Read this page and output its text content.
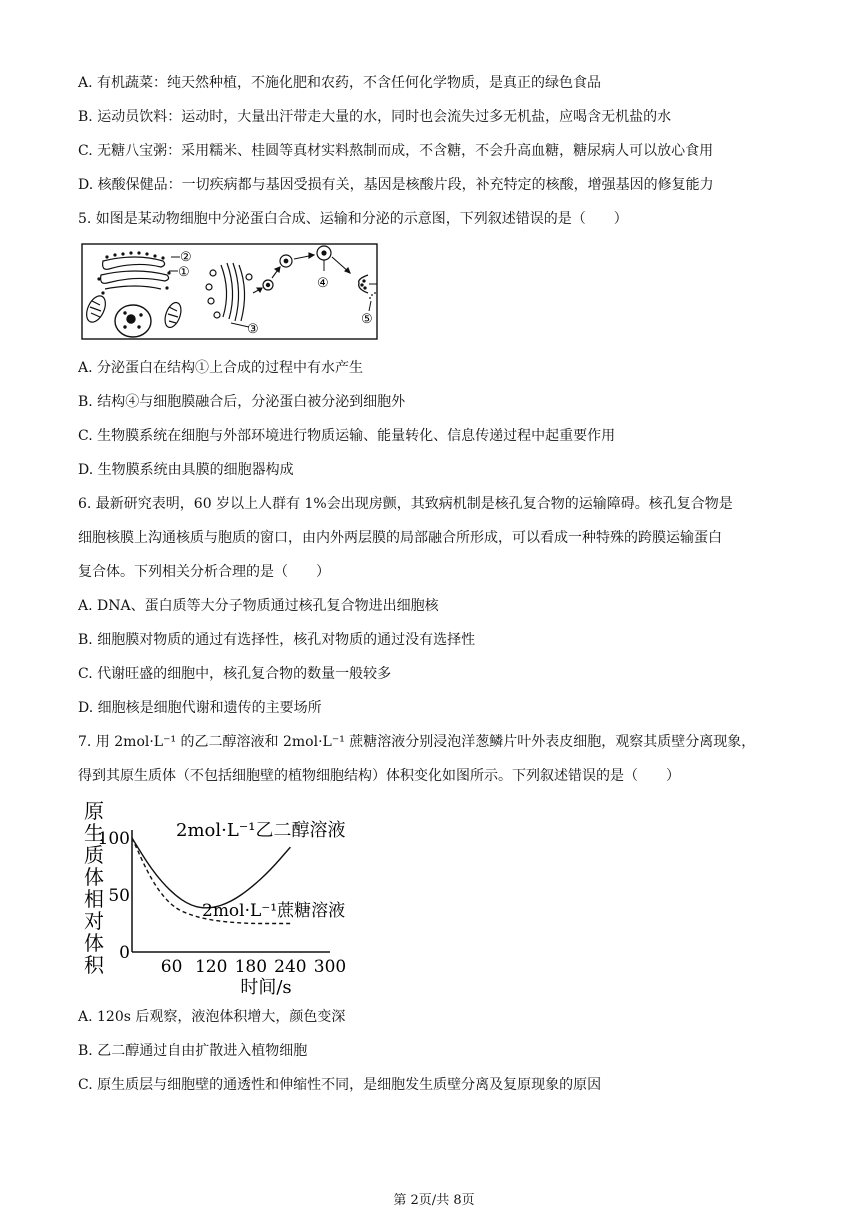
A. 有机蔬菜：纯天然种植，不施化肥和农药，不含任何化学物质，是真正的绿色食品
B. 运动员饮料：运动时，大量出汗带走大量的水，同时也会流失过多无机盐，应喝含无机盐的水
C. 无糖八宝粥：采用糯米、桂圆等真材实料熬制而成，不含糖，不会升高血糖，糖尿病人可以放心食用
D. 核酸保健品：一切疾病都与基因受损有关，基因是核酸片段，补充特定的核酸，增强基因的修复能力
5. 如图是某动物细胞中分泌蛋白合成、运输和分泌的示意图，下列叙述错误的是（　　）
②
①
③
④
⑤
A. 分泌蛋白在结构①上合成的过程中有水产生
B. 结构④与细胞膜融合后，分泌蛋白被分泌到细胞外
C. 生物膜系统在细胞与外部环境进行物质运输、能量转化、信息传递过程中起重要作用
D. 生物膜系统由具膜的细胞器构成
6. 最新研究表明，60 岁以上人群有 1%会出现房颤，其致病机制是核孔复合物的运输障碍。核孔复合物是
细胞核膜上沟通核质与胞质的窗口，由内外两层膜的局部融合所形成，可以看成一种特殊的跨膜运输蛋白
复合体。下列相关分析合理的是（　　）
A. DNA、蛋白质等大分子物质通过核孔复合物进出细胞核
B. 细胞膜对物质的通过有选择性，核孔对物质的通过没有选择性
C. 代谢旺盛的细胞中，核孔复合物的数量一般较多
D. 细胞核是细胞代谢和遗传的主要场所
7. 用 2mol·L⁻¹ 的乙二醇溶液和 2mol·L⁻¹ 蔗糖溶液分别浸泡洋葱鳞片叶外表皮细胞，观察其质壁分离现象，
得到其原生质体（不包括细胞壁的植物细胞结构）体积变化如图所示。下列叙述错误的是（　　）
原
生
质
体
相
对
体
积 0
50
100
60 120 180 240 300
2mol·L⁻¹乙二醇溶液
2mol·L⁻¹蔗糖溶液
时间/s
A. 120s 后观察，液泡体积增大，颜色变深
B. 乙二醇通过自由扩散进入植物细胞
C. 原生质层与细胞壁的通透性和伸缩性不同，是细胞发生质壁分离及复原现象的原因
第 2页/共 8页
